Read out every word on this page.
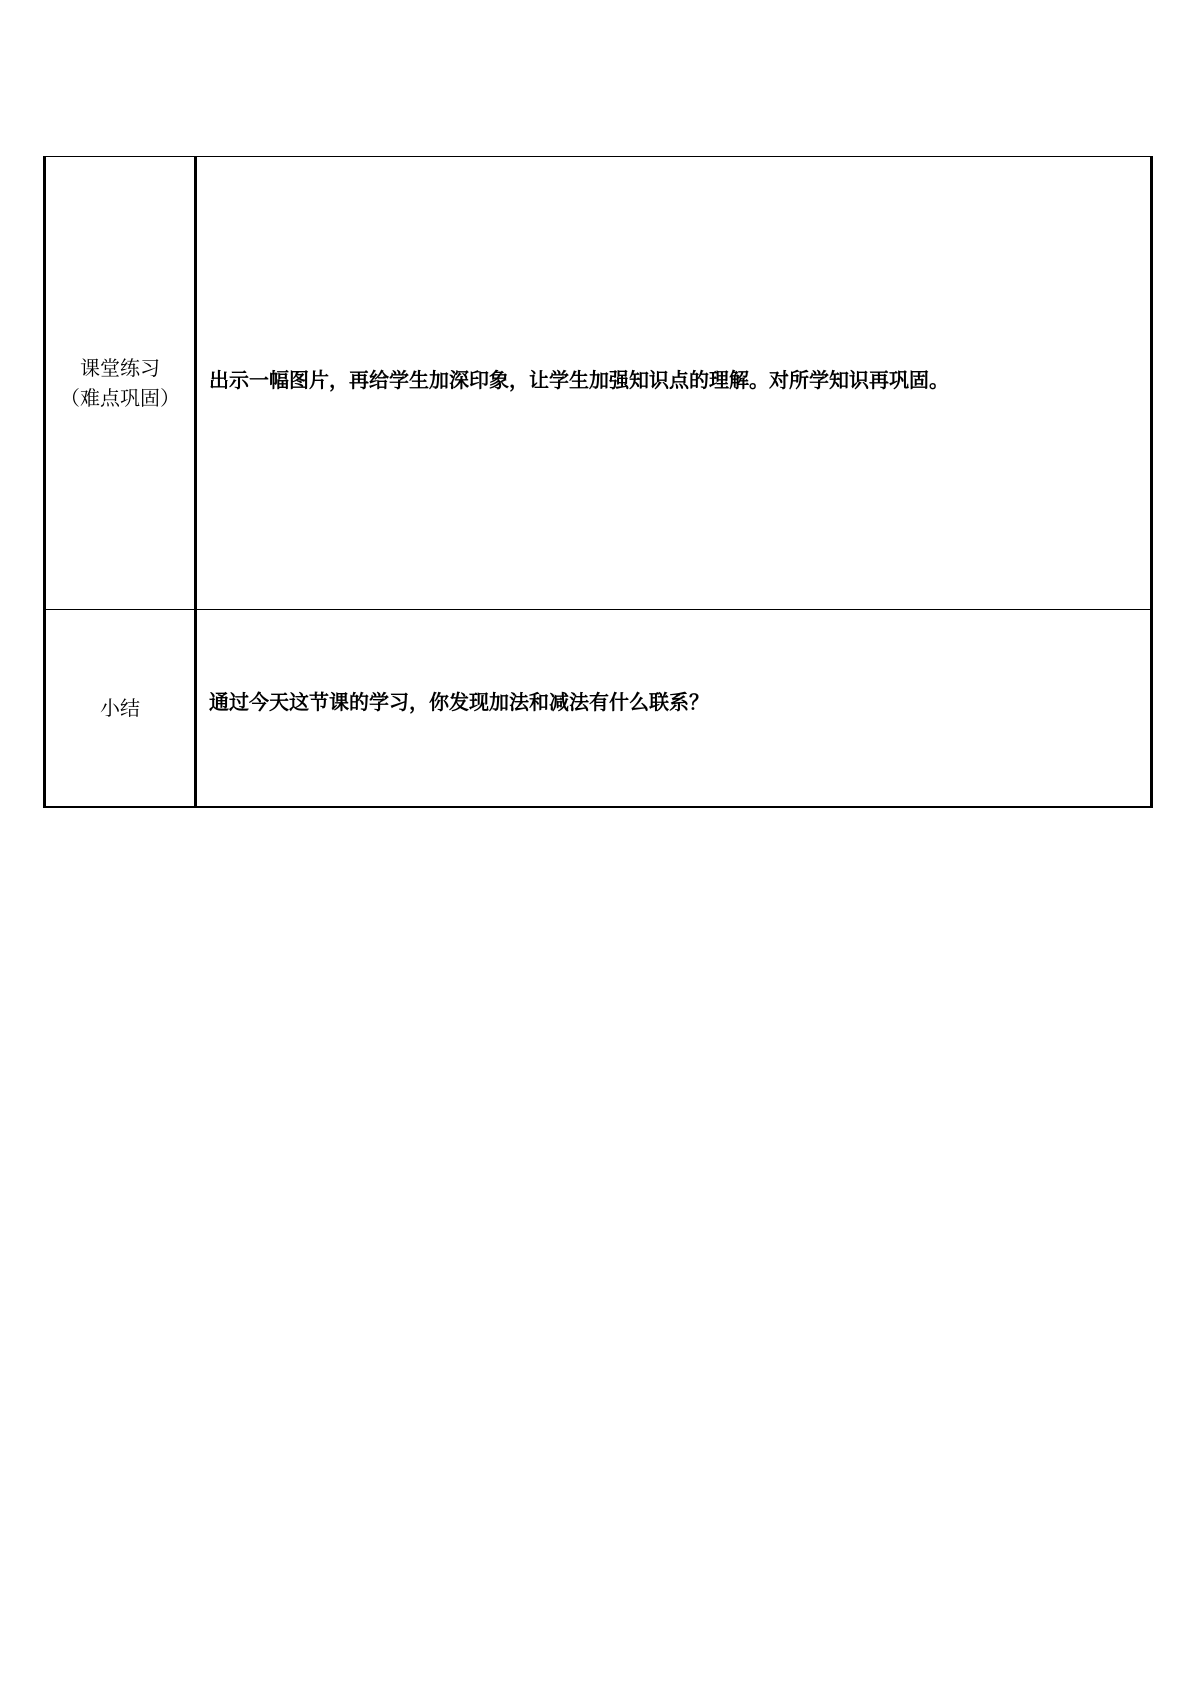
课堂练习
（难点巩固）	出示一幅图片，再给学生加深印象，让学生加强知识点的理解。对所学知识再巩固。

小结	通过今天这节课的学习，你发现加法和减法有什么联系？
